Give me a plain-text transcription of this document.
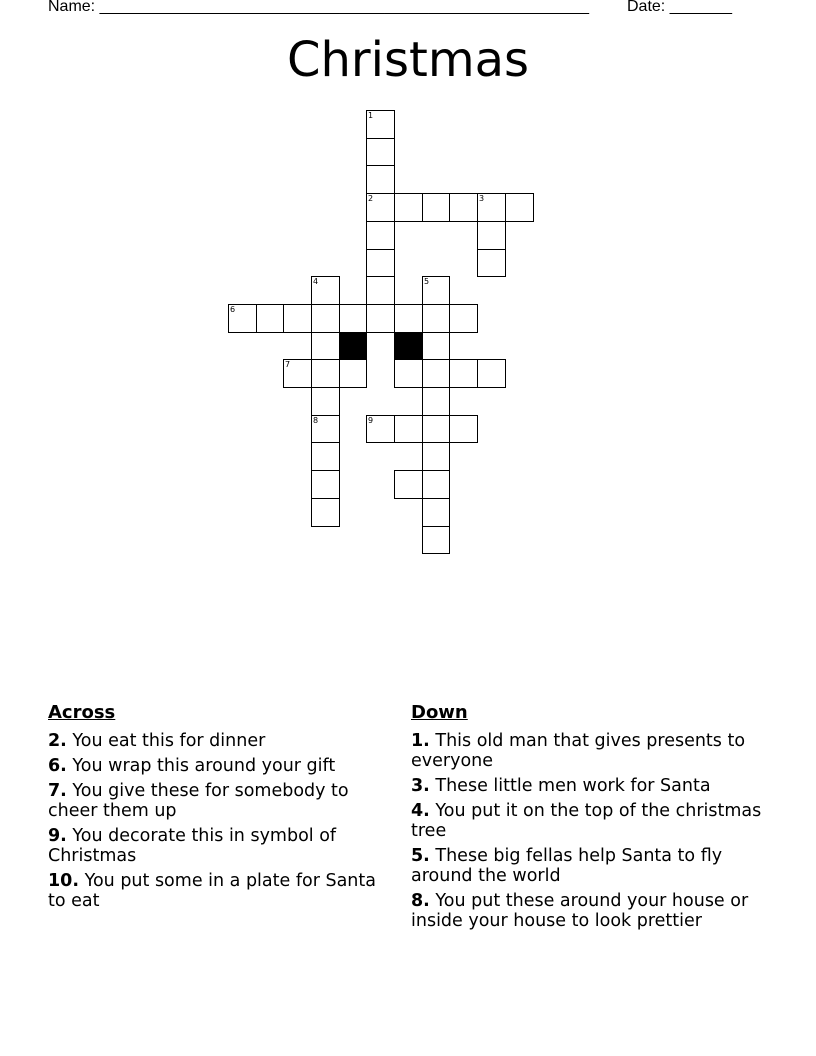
Name: _______________________________________________________ Date: _______
Christmas
1
2	3
4
8
5
6
7
9
Across
2. You eat this for dinner
6. You wrap this around your gift
7. You give these for somebody to cheer them up
9. You decorate this in symbol of Christmas
10. You put some in a plate for Santa to eat
Down
1. This old man that gives presents to everyone
3. These little men work for Santa
4. You put it on the top of the christmas tree
5. These big fellas help Santa to fly around the world
8. You put these around your house or inside your house to look prettier
